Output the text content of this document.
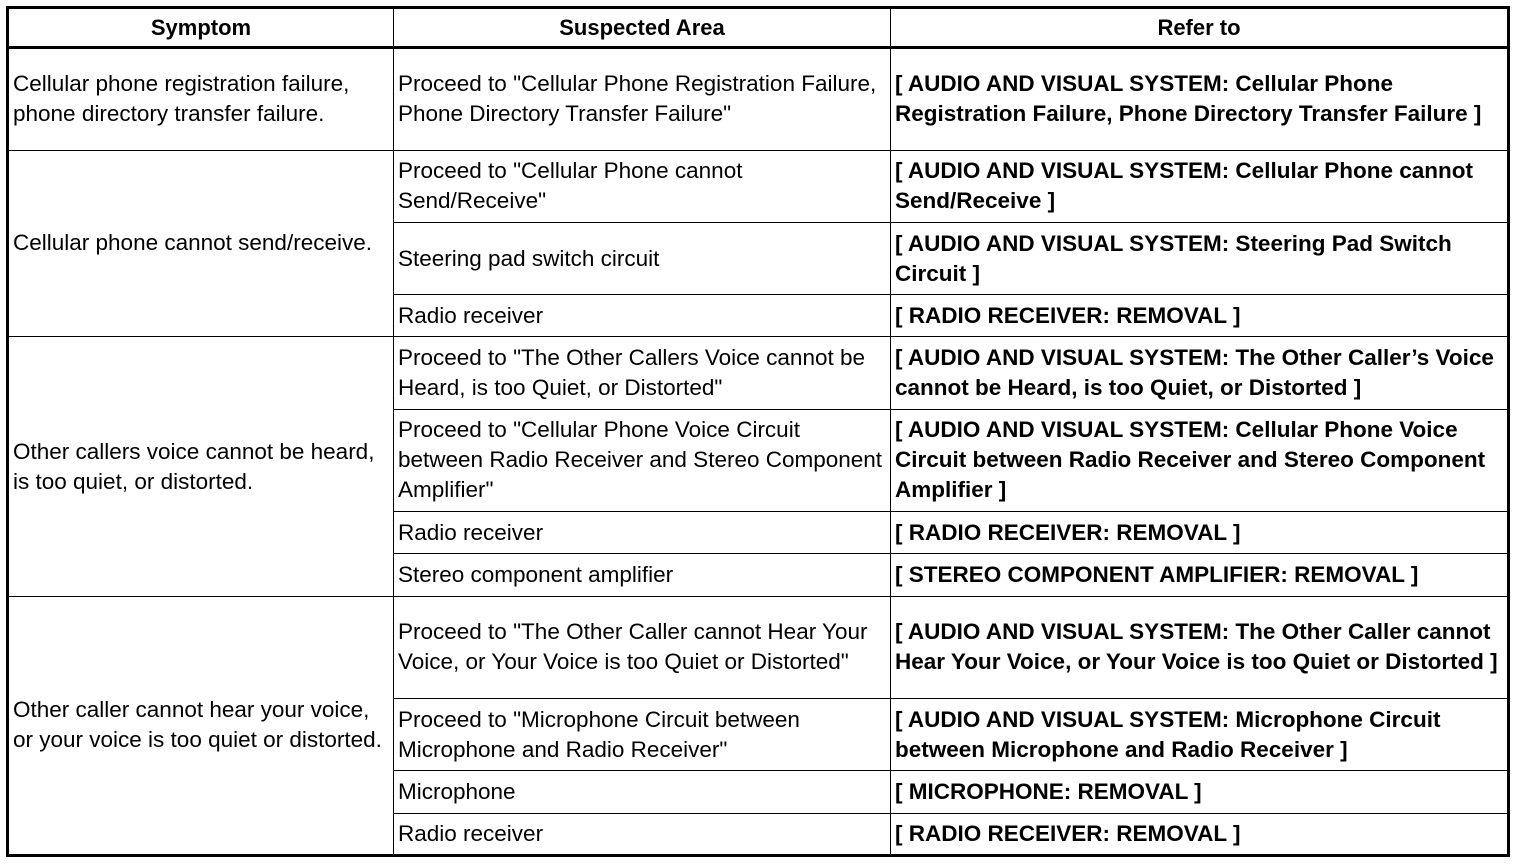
Symptom	Suspected Area	Refer to
Cellular phone registration failure, phone directory transfer failure.	Proceed to "Cellular Phone Registration Failure, Phone Directory Transfer Failure"	[ AUDIO AND VISUAL SYSTEM: Cellular Phone Registration Failure, Phone Directory Transfer Failure ]
Cellular phone cannot send/receive.	Proceed to "Cellular Phone cannot Send/Receive"	[ AUDIO AND VISUAL SYSTEM: Cellular Phone cannot Send/Receive ]
	Steering pad switch circuit	[ AUDIO AND VISUAL SYSTEM: Steering Pad Switch Circuit ]
	Radio receiver	[ RADIO RECEIVER: REMOVAL ]
Other callers voice cannot be heard, is too quiet, or distorted.	Proceed to "The Other Callers Voice cannot be Heard, is too Quiet, or Distorted"	[ AUDIO AND VISUAL SYSTEM: The Other Caller’s Voice cannot be Heard, is too Quiet, or Distorted ]
	Proceed to "Cellular Phone Voice Circuit between Radio Receiver and Stereo Component Amplifier"	[ AUDIO AND VISUAL SYSTEM: Cellular Phone Voice Circuit between Radio Receiver and Stereo Component Amplifier ]
	Radio receiver	[ RADIO RECEIVER: REMOVAL ]
	Stereo component amplifier	[ STEREO COMPONENT AMPLIFIER: REMOVAL ]
Other caller cannot hear your voice, or your voice is too quiet or distorted.	Proceed to "The Other Caller cannot Hear Your Voice, or Your Voice is too Quiet or Distorted"	[ AUDIO AND VISUAL SYSTEM: The Other Caller cannot Hear Your Voice, or Your Voice is too Quiet or Distorted ]
	Proceed to "Microphone Circuit between Microphone and Radio Receiver"	[ AUDIO AND VISUAL SYSTEM: Microphone Circuit between Microphone and Radio Receiver ]
	Microphone	[ MICROPHONE: REMOVAL ]
	Radio receiver	[ RADIO RECEIVER: REMOVAL ]
